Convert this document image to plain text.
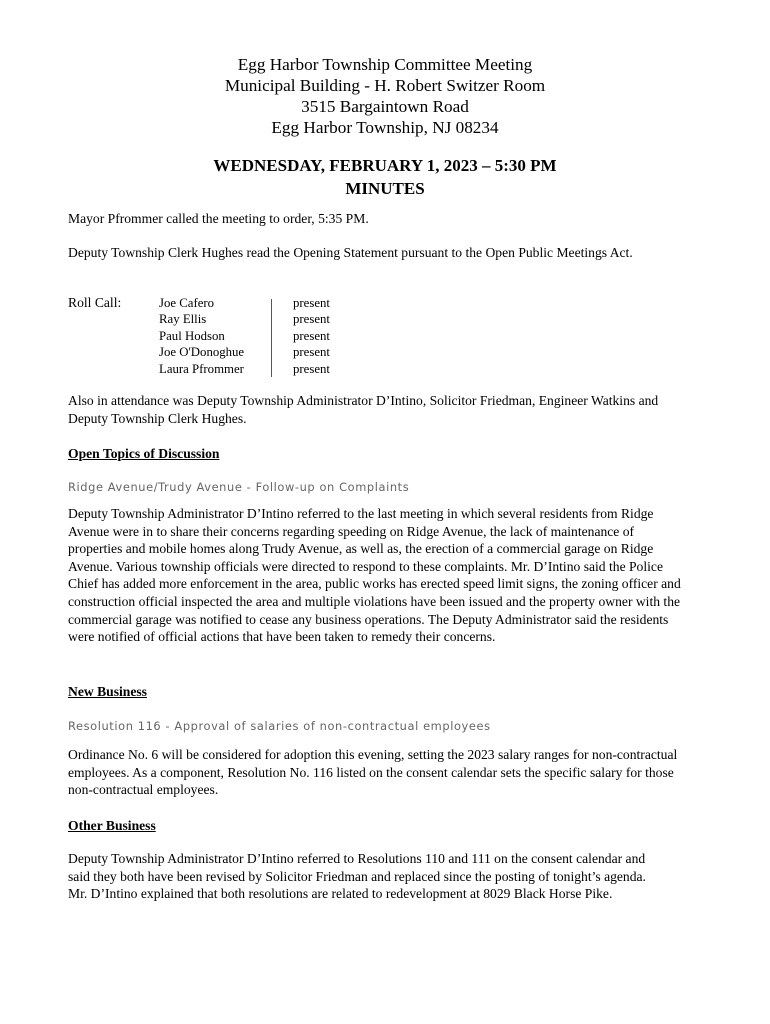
Egg Harbor Township Committee Meeting
Municipal Building - H. Robert Switzer Room
3515 Bargaintown Road
Egg Harbor Township, NJ 08234
WEDNESDAY, FEBRUARY 1, 2023 – 5:30 PM
MINUTES
Mayor Pfrommer called the meeting to order, 5:35 PM.
Deputy Township Clerk Hughes read the Opening Statement pursuant to the Open Public Meetings Act.
Roll Call:	Joe Cafero
Ray Ellis
Paul Hodson
Joe O'Donoghue
Laura Pfrommer
present
present
present
present
present
Also in attendance was Deputy Township Administrator D’Intino, Solicitor Friedman, Engineer Watkins and Deputy Township Clerk Hughes.
Open Topics of Discussion
Ridge Avenue/Trudy Avenue - Follow-up on Complaints
Deputy Township Administrator D’Intino referred to the last meeting in which several residents from Ridge Avenue were in to share their concerns regarding speeding on Ridge Avenue, the lack of maintenance of properties and mobile homes along Trudy Avenue, as well as, the erection of a commercial garage on Ridge Avenue. Various township officials were directed to respond to these complaints. Mr. D’Intino said the Police Chief has added more enforcement in the area, public works has erected speed limit signs, the zoning officer and construction official inspected the area and multiple violations have been issued and the property owner with the commercial garage was notified to cease any business operations. The Deputy Administrator said the residents were notified of official actions that have been taken to remedy their concerns.
New Business
Resolution 116 - Approval of salaries of non-contractual employees
Ordinance No. 6 will be considered for adoption this evening, setting the 2023 salary ranges for non-contractual employees. As a component, Resolution No. 116 listed on the consent calendar sets the specific salary for those non-contractual employees.
Other Business
Deputy Township Administrator D’Intino referred to Resolutions 110 and 111 on the consent calendar and said they both have been revised by Solicitor Friedman and replaced since the posting of tonight’s agenda. Mr. D’Intino explained that both resolutions are related to redevelopment at 8029 Black Horse Pike.
